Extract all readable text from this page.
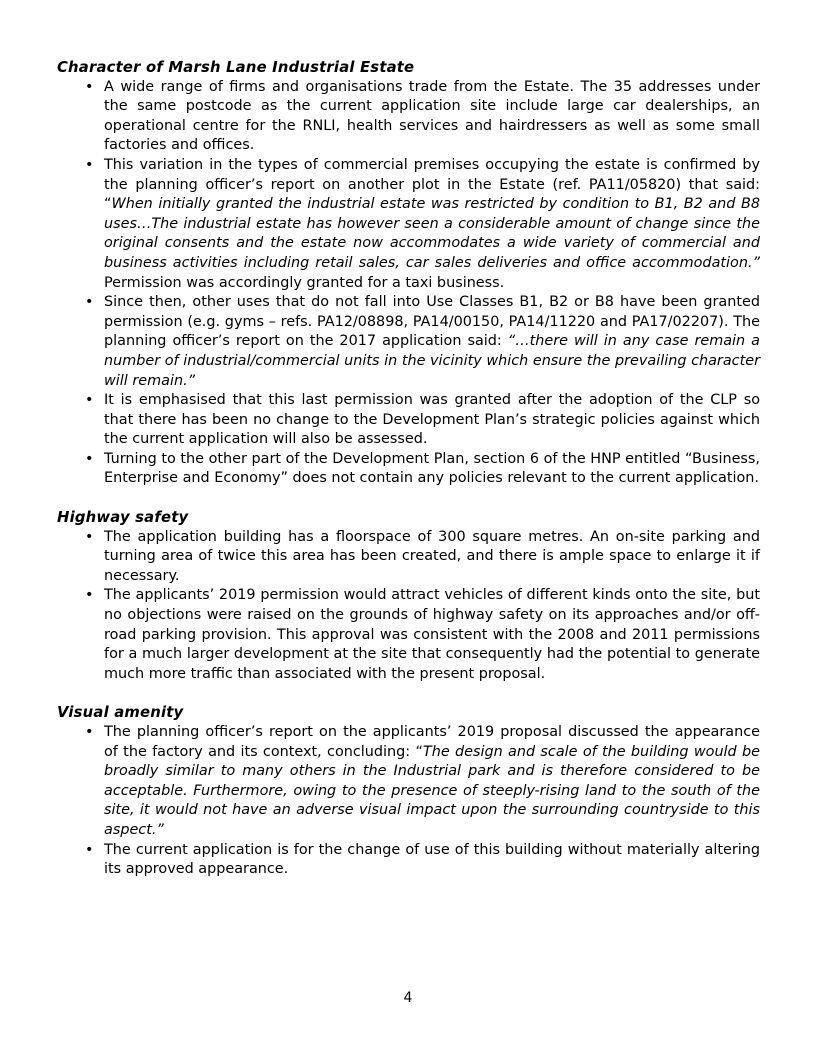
Character of Marsh Lane Industrial Estate
• A wide range of firms and organisations trade from the Estate. The 35 addresses under the same postcode as the current application site include large car dealerships, an operational centre for the RNLI, health services and hairdressers as well as some small factories and offices.
• This variation in the types of commercial premises occupying the estate is confirmed by the planning officer’s report on another plot in the Estate (ref. PA11/05820) that said: “When initially granted the industrial estate was restricted by condition to B1, B2 and B8 uses…The industrial estate has however seen a considerable amount of change since the original consents and the estate now accommodates a wide variety of commercial and business activities including retail sales, car sales deliveries and office accommodation.” Permission was accordingly granted for a taxi business.
• Since then, other uses that do not fall into Use Classes B1, B2 or B8 have been granted permission (e.g. gyms – refs. PA12/08898, PA14/00150, PA14/11220 and PA17/02207). The planning officer’s report on the 2017 application said: “…there will in any case remain a number of industrial/commercial units in the vicinity which ensure the prevailing character will remain.”
• It is emphasised that this last permission was granted after the adoption of the CLP so that there has been no change to the Development Plan’s strategic policies against which the current application will also be assessed.
• Turning to the other part of the Development Plan, section 6 of the HNP entitled “Business, Enterprise and Economy” does not contain any policies relevant to the current application.
Highway safety
• The application building has a floorspace of 300 square metres. An on-site parking and turning area of twice this area has been created, and there is ample space to enlarge it if necessary.
• The applicants’ 2019 permission would attract vehicles of different kinds onto the site, but no objections were raised on the grounds of highway safety on its approaches and/or off-road parking provision. This approval was consistent with the 2008 and 2011 permissions for a much larger development at the site that consequently had the potential to generate much more traffic than associated with the present proposal.
Visual amenity
• The planning officer’s report on the applicants’ 2019 proposal discussed the appearance of the factory and its context, concluding: “The design and scale of the building would be broadly similar to many others in the Industrial park and is therefore considered to be acceptable. Furthermore, owing to the presence of steeply-rising land to the south of the site, it would not have an adverse visual impact upon the surrounding countryside to this aspect.”
• The current application is for the change of use of this building without materially altering its approved appearance.
4
